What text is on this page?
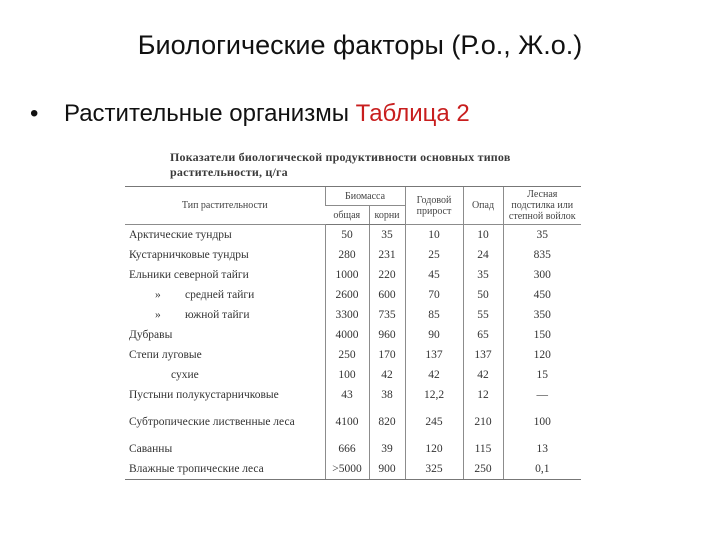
Биологические факторы (Р.о., Ж.о.)
• Растительные организмы Таблица 2
Показатели биологической продуктивности основных типов
растительности, ц/га
Тип растительности	Биомасса		Годовой прирост	Опад	Лесная подстилка или степной войлок
	общая	корни			
Арктические тундры	50	35	10	10	35
Кустарничковые тундры	280	231	25	24	835
Ельники северной тайги	1000	220	45	35	300
» средней тайги	2600	600	70	50	450
» южной тайги	3300	735	85	55	350
Дубравы	4000	960	90	65	150
Степи луговые	250	170	137	137	120
сухие	100	42	42	42	15
Пустыни полукустарничковые	43	38	12,2	12	—
Субтропические лиственные леса	4100	820	245	210	100
Саванны	666	39	120	115	13
Влажные тропические леса	>5000	900	325	250	0,1
